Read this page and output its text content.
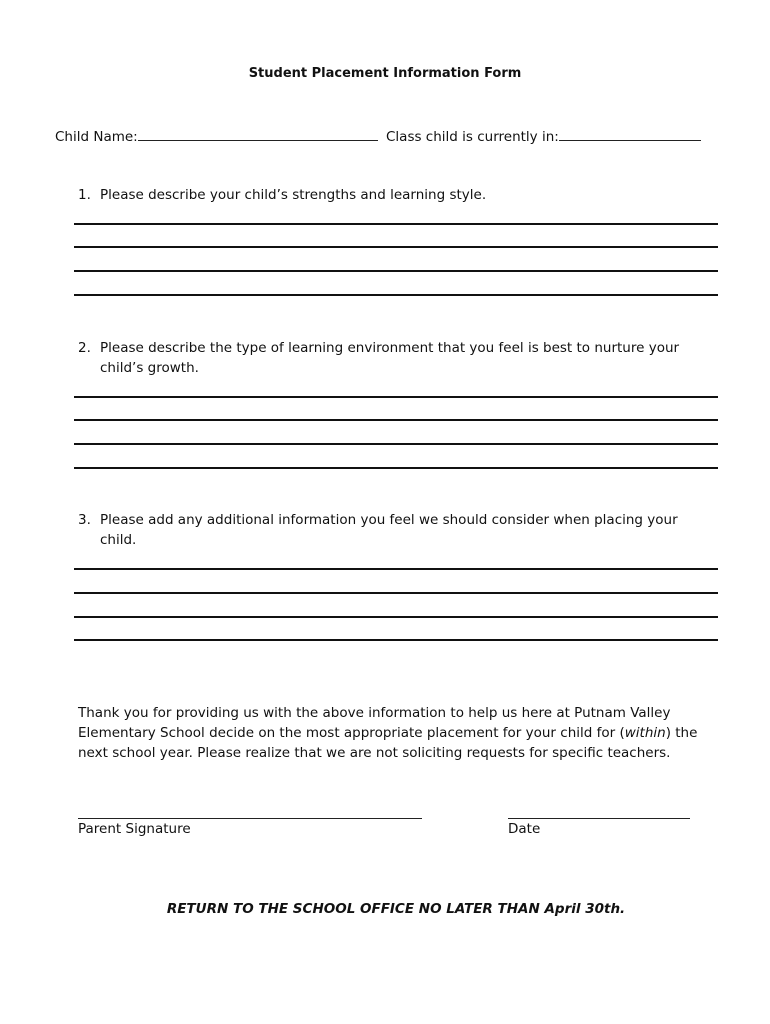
Student Placement Information Form
Child Name:	Class child is currently in:
1. Please describe your child’s strengths and learning style.
2. Please describe the type of learning environment that you feel is best to nurture your child’s growth.
3. Please add any additional information you feel we should consider when placing your child.
Thank you for providing us with the above information to help us here at Putnam Valley Elementary School decide on the most appropriate placement for your child for (within) the next school year. Please realize that we are not soliciting requests for specific teachers.
Parent Signature	Date
RETURN TO THE SCHOOL OFFICE NO LATER THAN April 30th.
